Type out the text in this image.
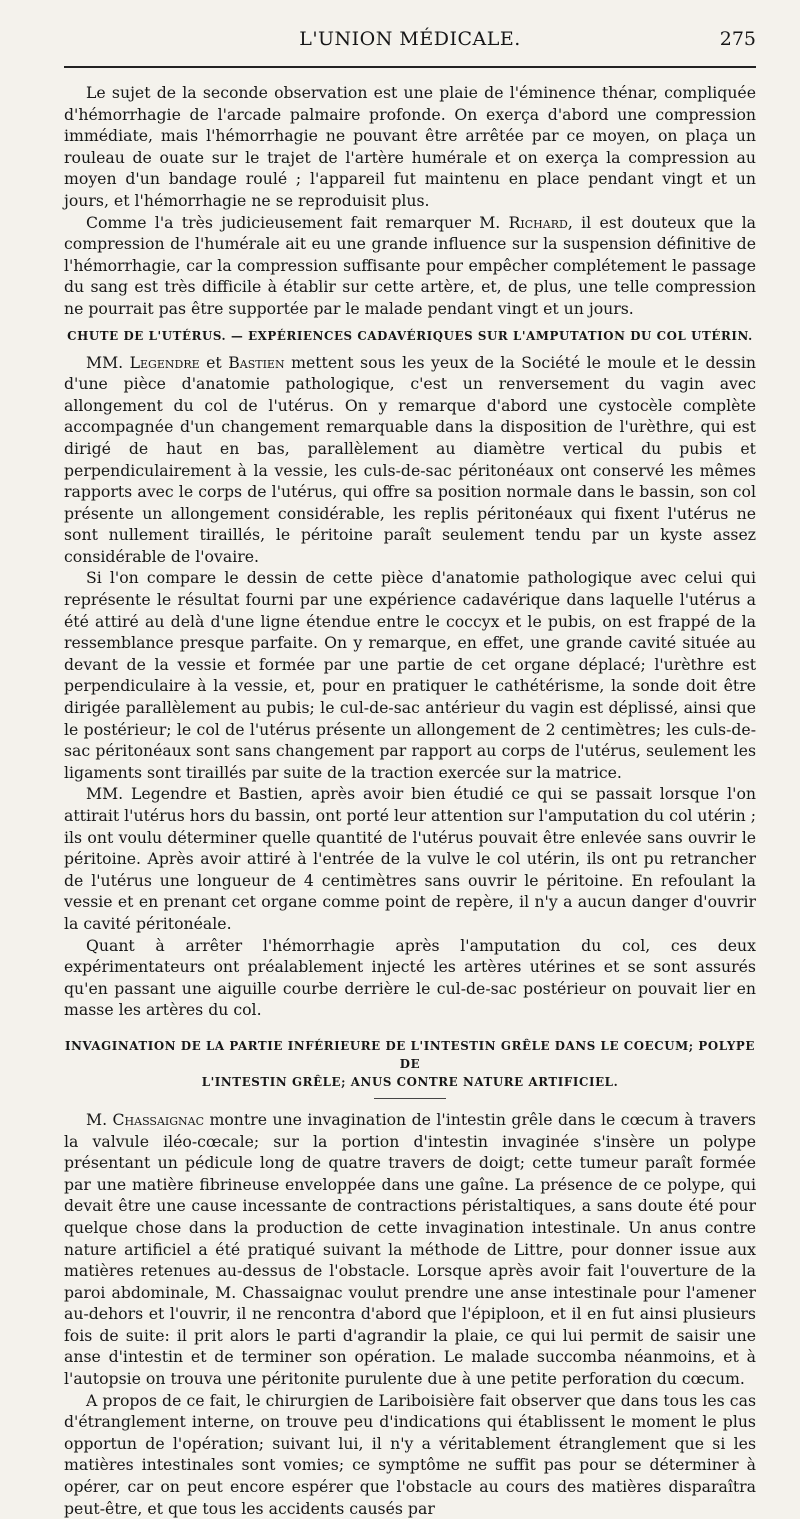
L'UNION MÉDICALE.	275

Le sujet de la seconde observation est une plaie de l'éminence thénar, compliquée d'hémorrhagie de l'arcade palmaire profonde. On exerça d'abord une compression immédiate, mais l'hémorrhagie ne pouvant être arrêtée par ce moyen, on plaça un rouleau de ouate sur le trajet de l'artère humérale et on exerça la compression au moyen d'un bandage roulé ; l'appareil fut maintenu en place pendant vingt et un jours, et l'hémorrhagie ne se reproduisit plus.

Comme l'a très judicieusement fait remarquer M. Richard, il est douteux que la compression de l'humérale ait eu une grande influence sur la suspension définitive de l'hémorrhagie, car la compression suffisante pour empêcher complétement le passage du sang est très difficile à établir sur cette artère, et, de plus, une telle compression ne pourrait pas être supportée par le malade pendant vingt et un jours.

CHUTE DE L'UTÉRUS. — EXPÉRIENCES CADAVÉRIQUES SUR L'AMPUTATION DU COL UTÉRIN.

MM. Legendre et Bastien mettent sous les yeux de la Société le moule et le dessin d'une pièce d'anatomie pathologique, c'est un renversement du vagin avec allongement du col de l'utérus. On y remarque d'abord une cystocèle complète accompagnée d'un changement remarquable dans la disposition de l'urèthre, qui est dirigé de haut en bas, parallèlement au diamètre vertical du pubis et perpendiculairement à la vessie, les culs-de-sac péritonéaux ont conservé les mêmes rapports avec le corps de l'utérus, qui offre sa position normale dans le bassin, son col présente un allongement considérable, les replis péritonéaux qui fixent l'utérus ne sont nullement tiraillés, le péritoine paraît seulement tendu par un kyste assez considérable de l'ovaire.

Si l'on compare le dessin de cette pièce d'anatomie pathologique avec celui qui représente le résultat fourni par une expérience cadavérique dans laquelle l'utérus a été attiré au delà d'une ligne étendue entre le coccyx et le pubis, on est frappé de la ressemblance presque parfaite. On y remarque, en effet, une grande cavité située au devant de la vessie et formée par une partie de cet organe déplacé; l'urèthre est perpendiculaire à la vessie, et, pour en pratiquer le cathétérisme, la sonde doit être dirigée parallèlement au pubis; le cul-de-sac antérieur du vagin est déplissé, ainsi que le postérieur; le col de l'utérus présente un allongement de 2 centimètres; les culs-de-sac péritonéaux sont sans changement par rapport au corps de l'utérus, seulement les ligaments sont tiraillés par suite de la traction exercée sur la matrice.

MM. Legendre et Bastien, après avoir bien étudié ce qui se passait lorsque l'on attirait l'utérus hors du bassin, ont porté leur attention sur l'amputation du col utérin ; ils ont voulu déterminer quelle quantité de l'utérus pouvait être enlevée sans ouvrir le péritoine. Après avoir attiré à l'entrée de la vulve le col utérin, ils ont pu retrancher de l'utérus une longueur de 4 centimètres sans ouvrir le péritoine. En refoulant la vessie et en prenant cet organe comme point de repère, il n'y a aucun danger d'ouvrir la cavité péritonéale.

Quant à arrêter l'hémorrhagie après l'amputation du col, ces deux expérimentateurs ont préalablement injecté les artères utérines et se sont assurés qu'en passant une aiguille courbe derrière le cul-de-sac postérieur on pouvait lier en masse les artères du col.

INVAGINATION DE LA PARTIE INFÉRIEURE DE L'INTESTIN GRÊLE DANS LE COECUM; POLYPE DE
L'INTESTIN GRÊLE; ANUS CONTRE NATURE ARTIFICIEL.

M. Chassaignac montre une invagination de l'intestin grêle dans le cœcum à travers la valvule iléo-cœcale; sur la portion d'intestin invaginée s'insère un polype présentant un pédicule long de quatre travers de doigt; cette tumeur paraît formée par une matière fibrineuse enveloppée dans une gaîne. La présence de ce polype, qui devait être une cause incessante de contractions péristaltiques, a sans doute été pour quelque chose dans la production de cette invagination intestinale. Un anus contre nature artificiel a été pratiqué suivant la méthode de Littre, pour donner issue aux matières retenues au-dessus de l'obstacle. Lorsque après avoir fait l'ouverture de la paroi abdominale, M. Chassaignac voulut prendre une anse intestinale pour l'amener au-dehors et l'ouvrir, il ne rencontra d'abord que l'épiploon, et il en fut ainsi plusieurs fois de suite: il prit alors le parti d'agrandir la plaie, ce qui lui permit de saisir une anse d'intestin et de terminer son opération. Le malade succomba néanmoins, et à l'autopsie on trouva une péritonite purulente due à une petite perforation du cœcum.

A propos de ce fait, le chirurgien de Lariboisière fait observer que dans tous les cas d'étranglement interne, on trouve peu d'indications qui établissent le moment le plus opportun de l'opération; suivant lui, il n'y a véritablement étranglement que si les matières intestinales sont vomies; ce symptôme ne suffit pas pour se déterminer à opérer, car on peut encore espérer que l'obstacle au cours des matières disparaîtra peut-être, et que tous les accidents causés par
